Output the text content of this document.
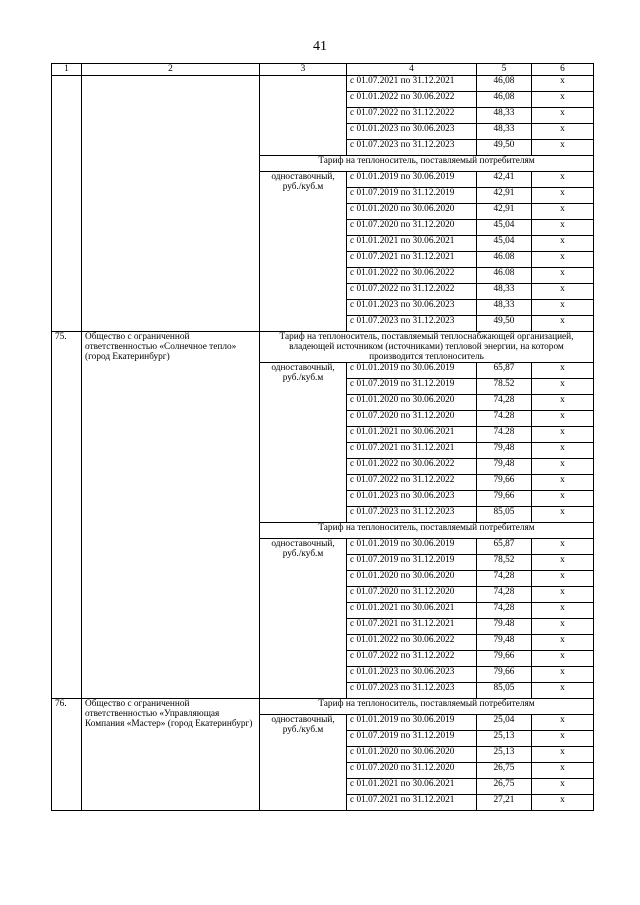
41
1	2	3	4	5	6
			с 01.07.2021 по 31.12.2021	46,08	х
			с 01.01.2022 по 30.06.2022	46,08	х
			с 01.07.2022 по 31.12.2022	48,33	х
			с 01.01.2023 по 30.06.2023	48,33	х
			с 01.07.2023 по 31.12.2023	49,50	х
		Тариф на теплоноситель, поставляемый потребителям			
		одноставочный, руб./куб.м	с 01.01.2019 по 30.06.2019	42,41	х
			с 01.07.2019 по 31.12.2019	42,91	х
			с 01.01.2020 по 30.06.2020	42,91	х
			с 01.07.2020 по 31.12.2020	45,04	х
			с 01.01.2021 по 30.06.2021	45,04	х
			с 01.07.2021 по 31.12.2021	46.08	х
			с 01.01.2022 по 30.06.2022	46.08	х
			с 01.07.2022 по 31.12.2022	48,33	х
			с 01.01.2023 по 30.06.2023	48,33	х
			с 01.07.2023 по 31.12.2023	49,50	х
75.	Общество с ограниченной ответственностью «Солнечное тепло» (город Екатеринбург)	Тариф на теплоноситель, поставляемый теплоснабжающей организацией, владеющей источником (источниками) тепловой энергии, на котором производится теплоноситель			
		одноставочный, руб./куб.м	с 01.01.2019 по 30.06.2019	65,87	х
			с 01.07.2019 по 31.12.2019	78.52	х
			с 01.01.2020 по 30.06.2020	74,28	х
			с 01.07.2020 по 31.12.2020	74.28	х
			с 01.01.2021 по 30.06.2021	74.28	х
			с 01.07.2021 по 31.12.2021	79,48	х
			с 01.01.2022 по 30.06.2022	79,48	х
			с 01.07.2022 по 31.12.2022	79,66	х
			с 01.01.2023 по 30.06.2023	79,66	х
			с 01.07.2023 по 31.12.2023	85,05	х
		Тариф на теплоноситель, поставляемый потребителям			
		одноставочный, руб./куб.м	с 01.01.2019 по 30.06.2019	65,87	х
			с 01.07.2019 по 31.12.2019	78,52	х
			с 01.01.2020 по 30.06.2020	74,28	х
			с 01.07.2020 по 31.12.2020	74,28	х
			с 01.01.2021 по 30.06.2021	74,28	х
			с 01.07.2021 по 31.12.2021	79.48	х
			с 01.01.2022 по 30.06.2022	79,48	х
			с 01.07.2022 по 31.12.2022	79,66	х
			с 01.01.2023 по 30.06.2023	79,66	х
			с 01.07.2023 по 31.12.2023	85,05	х
76.	Общество с ограниченной ответственностью «Управляющая Компания «Мастер» (город Екатеринбург)	Тариф на теплоноситель, поставляемый потребителям			
		одноставочный, руб./куб.м	с 01.01.2019 по 30.06.2019	25,04	х
			с 01.07.2019 по 31.12.2019	25,13	х
			с 01.01.2020 по 30.06.2020	25,13	х
			с 01.07.2020 по 31.12.2020	26,75	х
			с 01.01.2021 по 30.06.2021	26,75	х
			с 01.07.2021 по 31.12.2021	27,21	х
